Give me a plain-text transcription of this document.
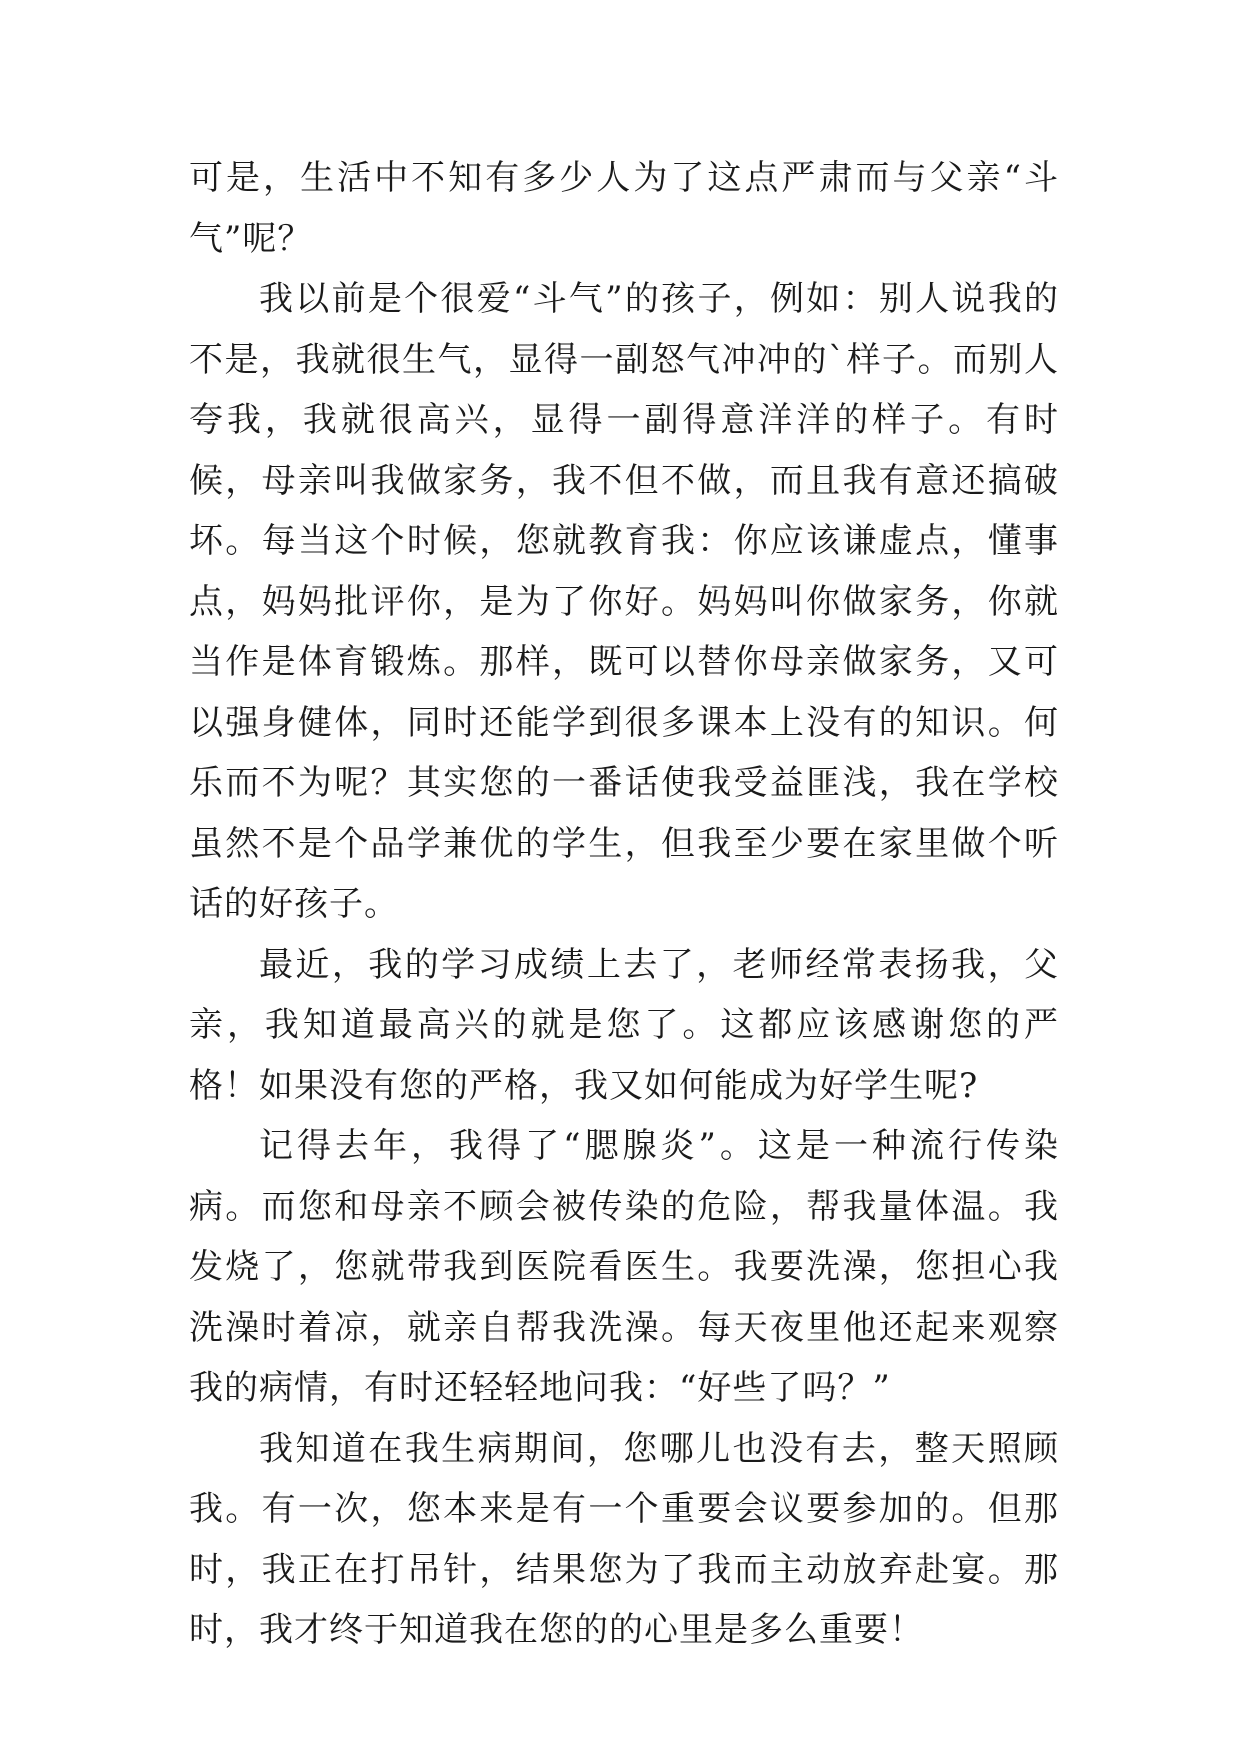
可是，生活中不知有多少人为了这点严肃而与父亲“斗气”呢？

我以前是个很爱“斗气”的孩子，例如：别人说我的不是，我就很生气，显得一副怒气冲冲的`样子。而别人夸我，我就很高兴，显得一副得意洋洋的样子。有时候，母亲叫我做家务，我不但不做，而且我有意还搞破坏。每当这个时候，您就教育我：你应该谦虚点，懂事点，妈妈批评你，是为了你好。妈妈叫你做家务，你就当作是体育锻炼。那样，既可以替你母亲做家务，又可以强身健体，同时还能学到很多课本上没有的知识。何乐而不为呢？其实您的一番话使我受益匪浅，我在学校虽然不是个品学兼优的学生，但我至少要在家里做个听话的好孩子。

最近，我的学习成绩上去了，老师经常表扬我，父亲，我知道最高兴的就是您了。这都应该感谢您的严格！如果没有您的严格，我又如何能成为好学生呢?

记得去年，我得了“腮腺炎”。这是一种流行传染病。而您和母亲不顾会被传染的危险，帮我量体温。我发烧了，您就带我到医院看医生。我要洗澡，您担心我洗澡时着凉，就亲自帮我洗澡。每天夜里他还起来观察我的病情，有时还轻轻地问我：“好些了吗？”

我知道在我生病期间，您哪儿也没有去，整天照顾我。有一次，您本来是有一个重要会议要参加的。但那时，我正在打吊针，结果您为了我而主动放弃赴宴。那时，我才终于知道我在您的的心里是多么重要！
